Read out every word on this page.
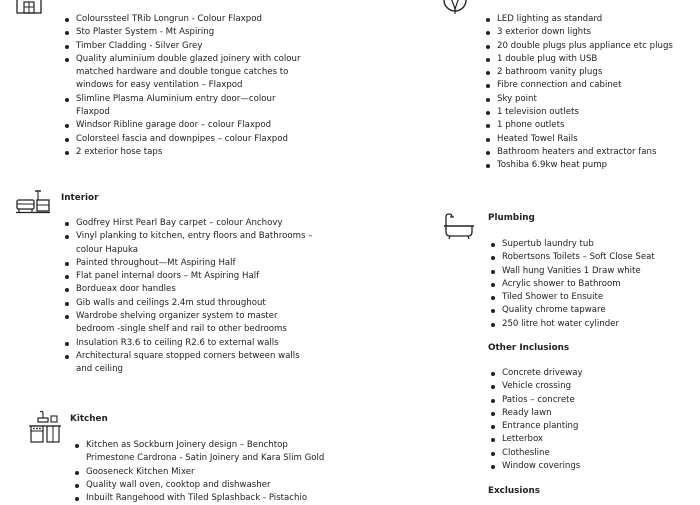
Colourssteel TRib Longrun - Colour Flaxpod
Sto Plaster System - Mt Aspiring
Timber Cladding - Silver Grey
Quality aluminium double glazed joinery with colour matched hardware and double tongue catches to windows for easy ventilation – Flaxpod
Slimline Plasma Aluminium entry door—colour Flaxpod
Windsor Ribline garage door – colour Flaxpod
Colorsteel fascia and downpipes – colour Flaxpod
2 exterior hose taps
LED lighting as standard
3 exterior down lights
20 double plugs plus appliance etc plugs
1 double plug with USB
2 bathroom vanity plugs
Fibre connection and cabinet
Sky point
1 television outlets
1 phone outlets
Heated Towel Rails
Bathroom heaters and extractor fans
Toshiba 6.9kw heat pump
Interior
Godfrey Hirst Pearl Bay carpet – colour Anchovy
Vinyl planking to kitchen, entry floors and Bathrooms – colour Hapuka
Painted throughout—Mt Aspiring Half
Flat panel internal doors – Mt Aspiring Half
Bordueax door handles
Gib walls and ceilings 2.4m stud throughout
Wardrobe shelving organizer system to master bedroom -single shelf and rail to other bedrooms
Insulation R3.6 to ceiling R2.6 to external walls
Architectural square stopped corners between walls and ceiling
Plumbing
Supertub laundry tub
Robertsons Toilets – Soft Close Seat
Wall hung Vanities 1 Draw white
Acrylic shower to Bathroom
Tiled Shower to Ensuite
Quality chrome tapware
250 litre hot water cylinder
Other Inclusions
Concrete driveway
Vehicle crossing
Patios – concrete
Ready lawn
Entrance planting
Letterbox
Clothesline
Window coverings
Exclusions
Kitchen
Kitchen as Sockburn Joinery design – Benchtop Primestone Cardrona - Satin Joinery and Kara Slim Gold
Gooseneck Kitchen Mixer
Quality wall oven, cooktop and dishwasher
Inbuilt Rangehood with Tiled Splashback - Pistachio
